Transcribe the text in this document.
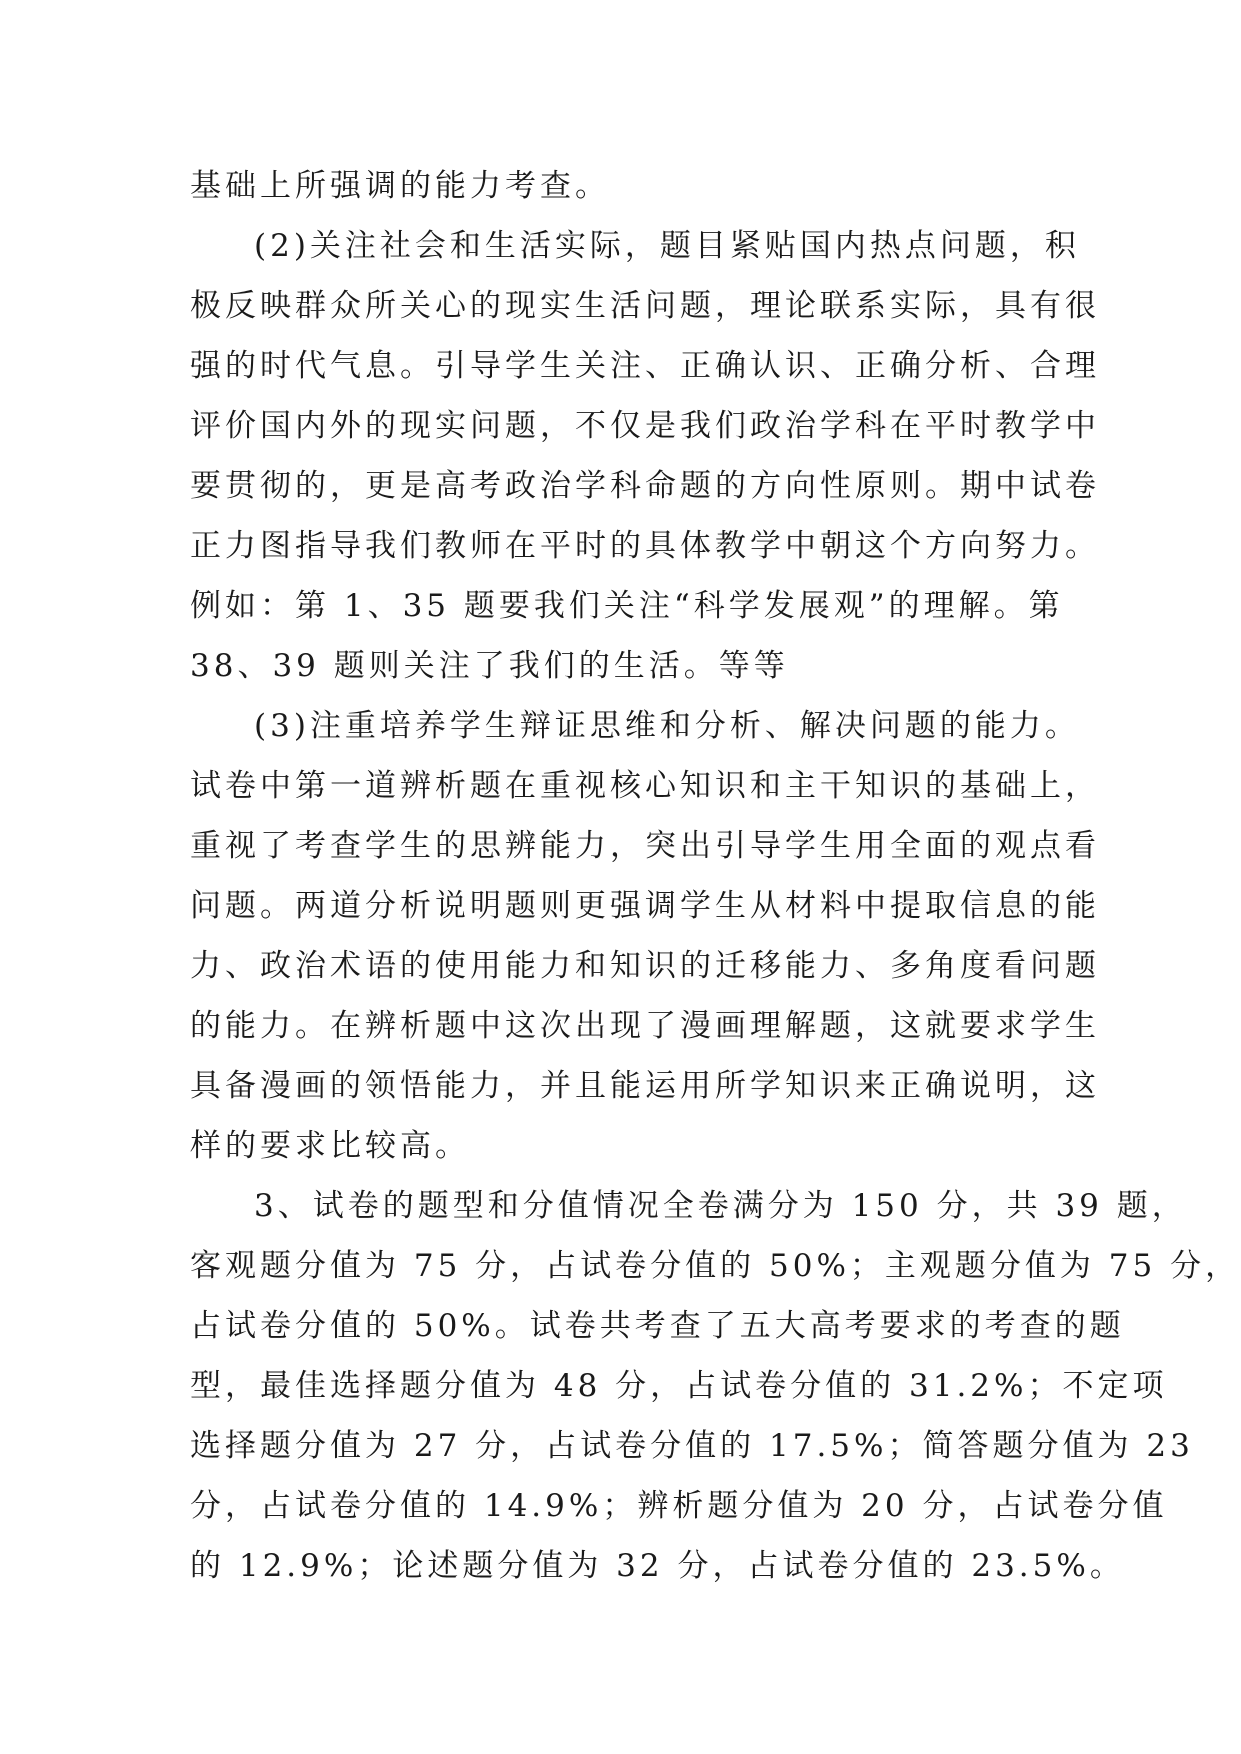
基础上所强调的能力考查。
(2)关注社会和生活实际，题目紧贴国内热点问题，积
极反映群众所关心的现实生活问题，理论联系实际，具有很
强的时代气息。引导学生关注、正确认识、正确分析、合理
评价国内外的现实问题，不仅是我们政治学科在平时教学中
要贯彻的，更是高考政治学科命题的方向性原则。期中试卷
正力图指导我们教师在平时的具体教学中朝这个方向努力。
例如：第 1、35 题要我们关注“科学发展观”的理解。第
38、39 题则关注了我们的生活。等等
(3)注重培养学生辩证思维和分析、解决问题的能力。
试卷中第一道辨析题在重视核心知识和主干知识的基础上，
重视了考查学生的思辨能力，突出引导学生用全面的观点看
问题。两道分析说明题则更强调学生从材料中提取信息的能
力、政治术语的使用能力和知识的迁移能力、多角度看问题
的能力。在辨析题中这次出现了漫画理解题，这就要求学生
具备漫画的领悟能力，并且能运用所学知识来正确说明，这
样的要求比较高。
3、试卷的题型和分值情况全卷满分为 150 分，共 39 题，
客观题分值为 75 分，占试卷分值的 50%；主观题分值为 75 分，
占试卷分值的 50%。试卷共考查了五大高考要求的考查的题
型，最佳选择题分值为 48 分，占试卷分值的 31.2%；不定项
选择题分值为 27 分，占试卷分值的 17.5%；简答题分值为 23
分，占试卷分值的 14.9%；辨析题分值为 20 分，占试卷分值
的 12.9%；论述题分值为 32 分，占试卷分值的 23.5%。
